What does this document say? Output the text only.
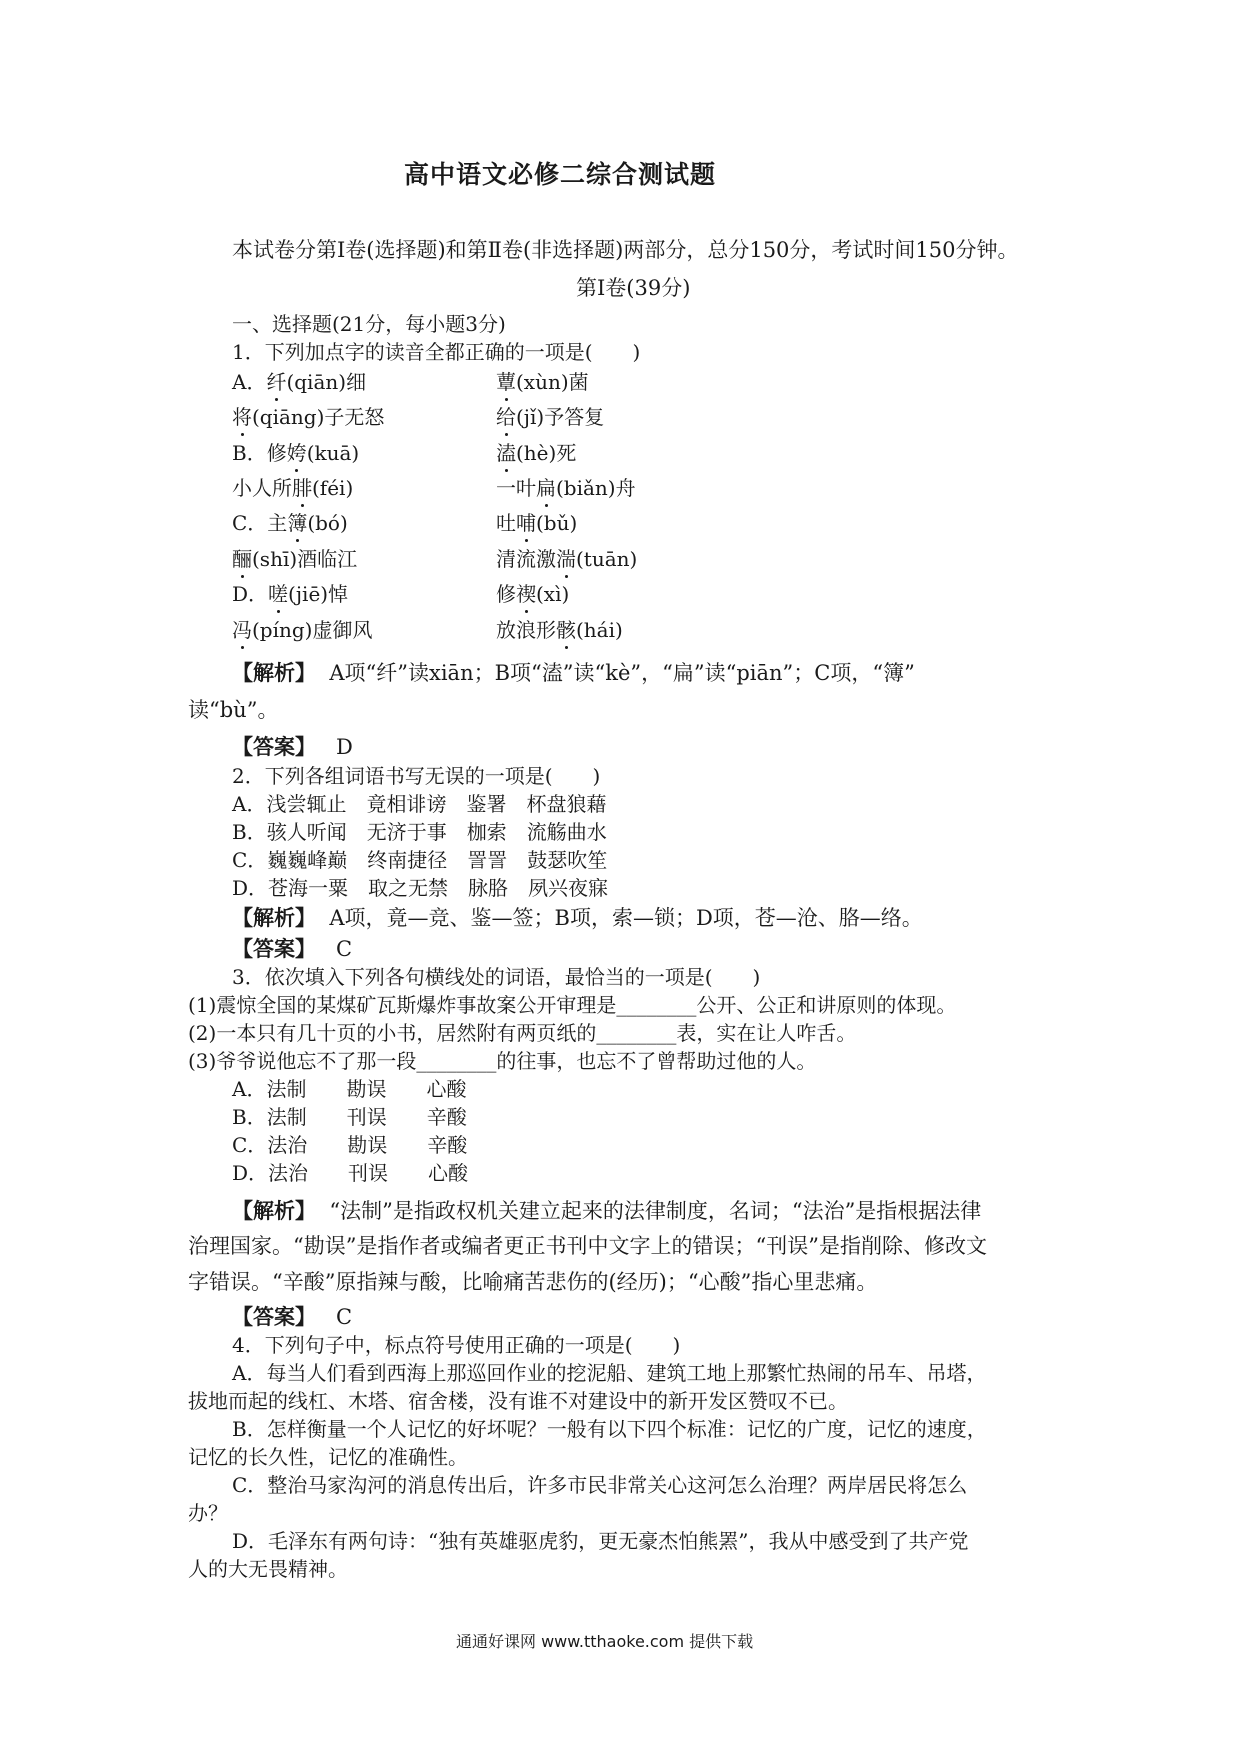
高中语文必修二综合测试题
本试卷分第Ⅰ卷(选择题)和第Ⅱ卷(非选择题)两部分，总分150分，考试时间150分钟。
第Ⅰ卷(39分)
一、选择题(21分，每小题3分)
1．下列加点字的读音全都正确的一项是(　　)
A．纤(qiān)细	蕈(xùn)菌
将(qiāng)子无怒	给(jǐ)予答复
B．修姱(kuā)	溘(hè)死
小人所腓(féi)	一叶扁(biǎn)舟
C．主簿(bó)	吐哺(bǔ)
酾(shī)酒临江	清流激湍(tuān)
D．嗟(jiē)悼	修禊(xì)
冯(píng)虚御风	放浪形骸(hái)
【解析】 A项“纤”读xiān；B项“溘”读“kè”，“扁”读“piān”；C项，“簿”
读“bù”。
【答案】 D
2．下列各组词语书写无误的一项是(　　)
A．浅尝辄止　竟相诽谤　鉴署　杯盘狼藉
B．骇人听闻　无济于事　枷索　流觞曲水
C．巍巍峰巅　终南捷径　詈詈　鼓瑟吹笙
D．苍海一粟　取之无禁　脉胳　夙兴夜寐
【解析】 A项，竟—竞、鉴—签；B项，索—锁；D项，苍—沧、胳—络。
【答案】 C
3．依次填入下列各句横线处的词语，最恰当的一项是(　　)
(1)震惊全国的某煤矿瓦斯爆炸事故案公开审理是________公开、公正和讲原则的体现。
(2)一本只有几十页的小书，居然附有两页纸的________表，实在让人咋舌。
(3)爷爷说他忘不了那一段________的往事，也忘不了曾帮助过他的人。
A．法制　　勘误　　心酸
B．法制　　刊误　　辛酸
C．法治　　勘误　　辛酸
D．法治　　刊误　　心酸
【解析】 “法制”是指政权机关建立起来的法律制度，名词；“法治”是指根据法律
治理国家。“勘误”是指作者或编者更正书刊中文字上的错误；“刊误”是指削除、修改文
字错误。“辛酸”原指辣与酸，比喻痛苦悲伤的(经历)；“心酸”指心里悲痛。
【答案】 C
4．下列句子中，标点符号使用正确的一项是(　　)
A．每当人们看到西海上那巡回作业的挖泥船、建筑工地上那繁忙热闹的吊车、吊塔，
拔地而起的线杠、木塔、宿舍楼，没有谁不对建设中的新开发区赞叹不已。
B．怎样衡量一个人记忆的好坏呢？一般有以下四个标准：记忆的广度，记忆的速度，
记忆的长久性，记忆的准确性。
C．整治马家沟河的消息传出后，许多市民非常关心这河怎么治理？两岸居民将怎么
办？
D．毛泽东有两句诗：“独有英雄驱虎豹，更无豪杰怕熊罴”，我从中感受到了共产党
人的大无畏精神。
通通好课网 www.tthaoke.com 提供下载
